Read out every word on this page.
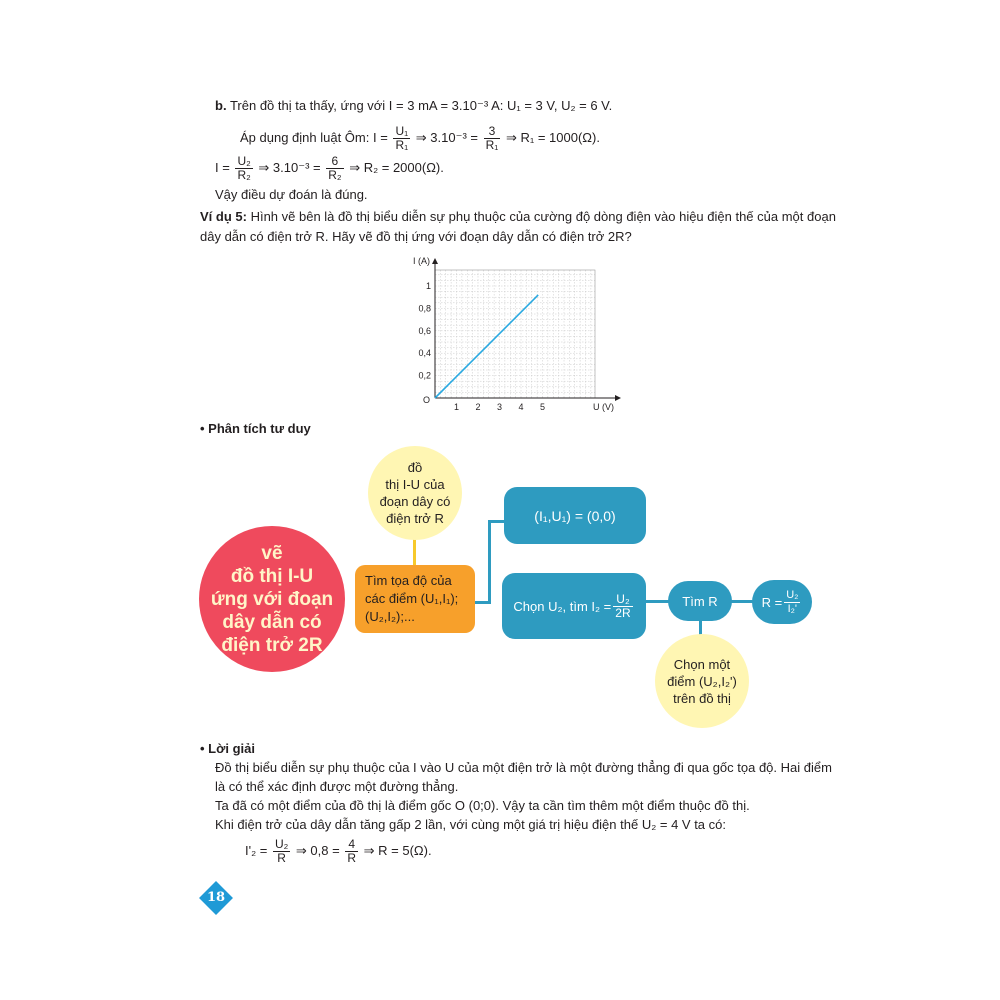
b. Trên đồ thị ta thấy, ứng với I = 3 mA = 3.10⁻³ A: U₁ = 3 V, U₂ = 6 V.
Áp dụng định luật Ôm: $I = \frac{\text{U₁}}{\text{R₁}}$ ⇒ $3.10^{-3} = \frac{3}{\text{R₁}}$ ⇒ R₁ = 1000(Ω).
$I = \frac{\text{U₂}}{\text{R₂}}$ ⇒ $3.10^{-3} = \frac{6}{\text{R₂}}$ ⇒ R₂ = 2000(Ω).
Vậy điều dự đoán là đúng.
Ví dụ 5: Hình vẽ bên là đồ thị biểu diễn sự phụ thuộc của cường độ dòng điện vào hiệu điện thế của một đoạn
dây dẫn có điện trở R. Hãy vẽ đồ thị ứng với đoạn dây dẫn có điện trở 2R?
1 2 3 4 5
0,2
0,4
0,6
0,8
1
U (V)
I (A)
O
• Phân tích tư duy
vẽ
đồ thị I-U
ứng với đoạn
dây dẫn có
điện trở 2R
đồ
thị I-U của
đoạn dây có
điện trở R
Tìm tọa độ của
các điểm (U₁,I₁);
(U₂,I₂);...
(I₁,U₁) = (0,0)
Chọn U₂, tìm
$I_2 = \frac{\text{U₂}}{2R}$	Tìm R	$R = \frac{\text{U₂}}{\text{I₂'}}$
Chọn một
điểm (U₂,I₂')
trên đồ thị
• Lời giải
Đồ thị biểu diễn sự phụ thuộc của I vào U của một điện trở là một đường thẳng đi qua gốc tọa độ. Hai điểm
là có thể xác định được một đường thẳng.
Ta đã có một điểm của đồ thị là điểm gốc O (0;0). Vậy ta cần tìm thêm một điểm thuộc đồ thị.
Khi điện trở của dây dẫn tăng gấp 2 lần, với cùng một giá trị hiệu điện thế U₂ = 4 V ta có:
$I'_2 = \frac{\text{U₂}}{R}$ ⇒ $0,8 = \frac{4}{R}$ ⇒ R = 5(Ω).
18
